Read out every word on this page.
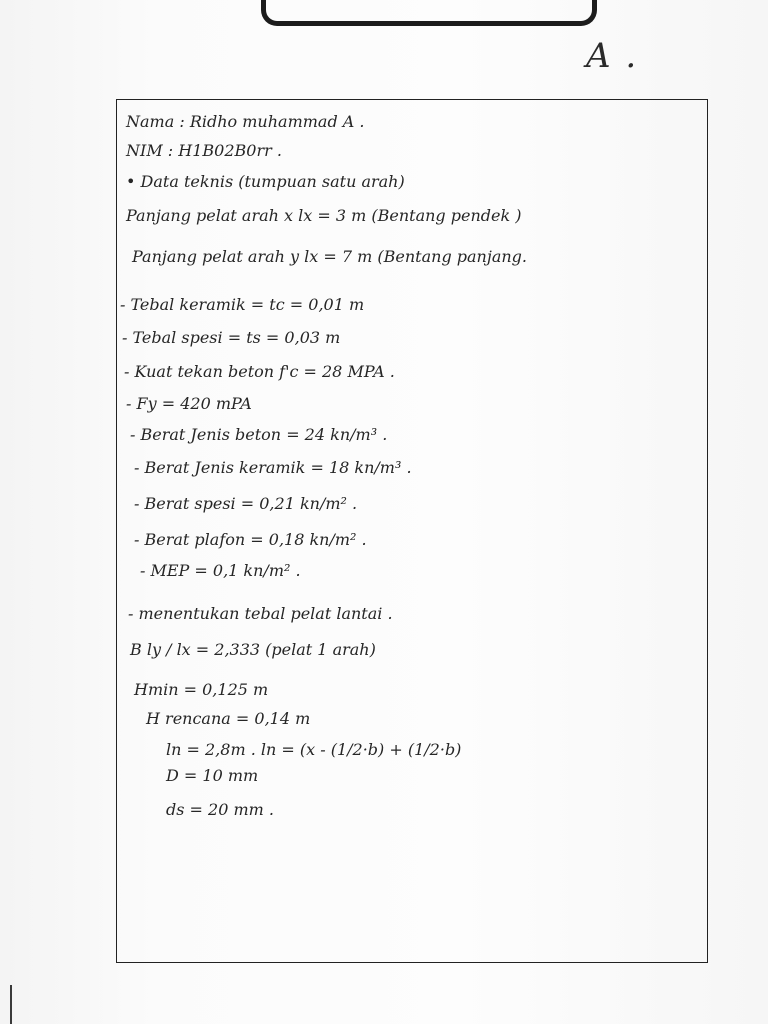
A .
Nama : Ridho muhammad A .
NIM : H1B02B0rr .
• Data teknis (tumpuan satu arah)
Panjang pelat arah x lx = 3 m (Bentang pendek )
Panjang pelat arah y lx = 7 m (Bentang panjang.
- Tebal keramik = tc = 0,01 m
- Tebal spesi = ts = 0,03 m
- Kuat tekan beton f'c = 28 MPA .
- Fy = 420 mPA
- Berat Jenis beton = 24 kn/m³ .
- Berat Jenis keramik = 18 kn/m³ .
- Berat spesi = 0,21 kn/m² .
- Berat plafon = 0,18 kn/m² .
- MEP = 0,1 kn/m² .
- menentukan tebal pelat lantai .
B ly / lx = 2,333 (pelat 1 arah)
Hmin = 0,125 m
H rencana = 0,14 m
ln = 2,8m . ln = (x - (1/2·b) + (1/2·b)
D = 10 mm
ds = 20 mm .
